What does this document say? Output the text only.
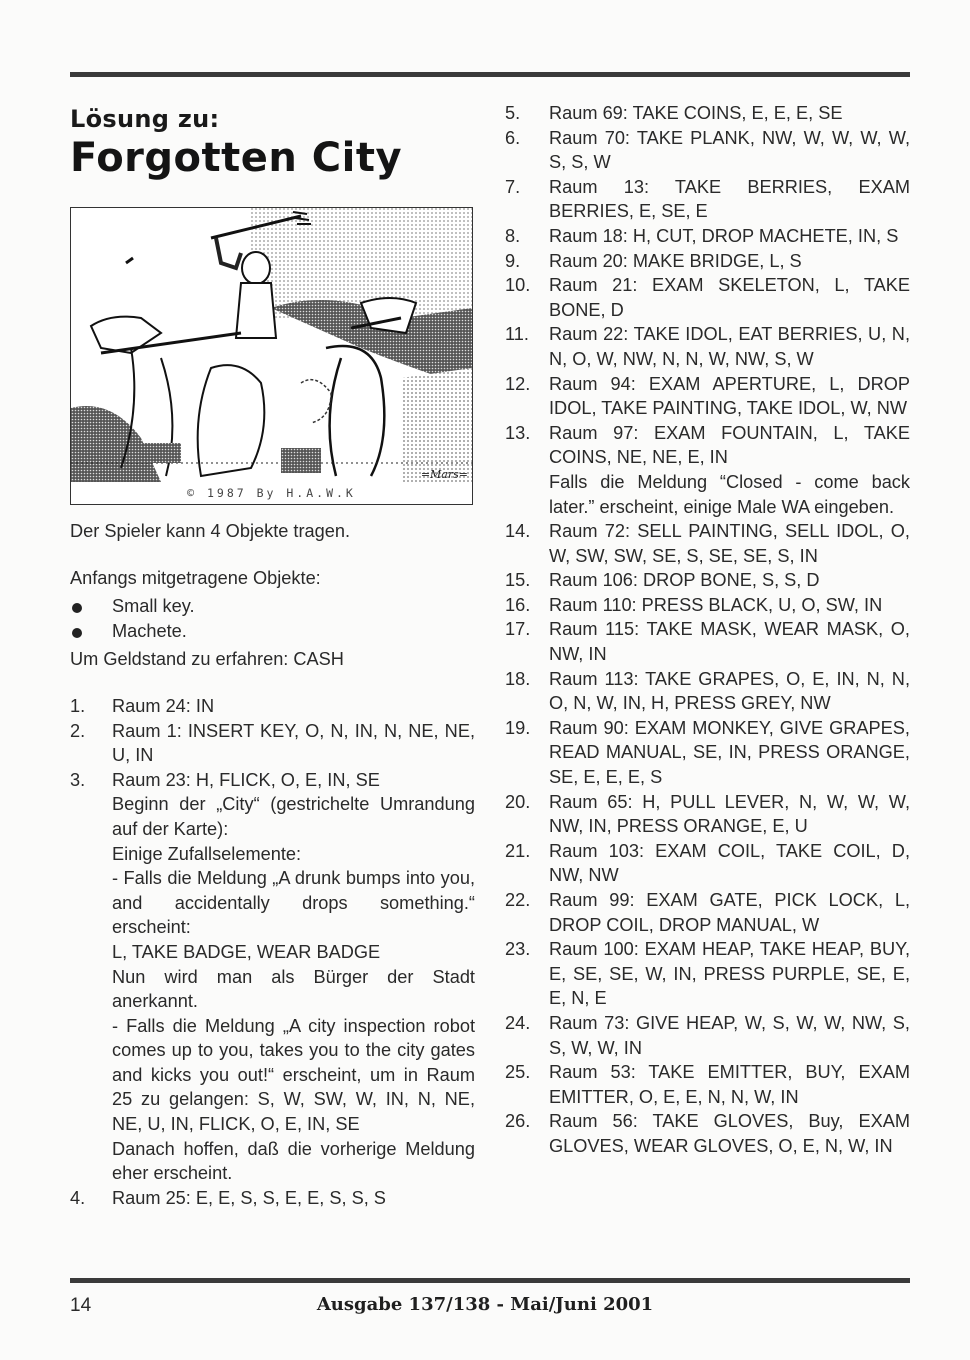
Lösung zu:
Forgotten City
=Mars=
© 1987 By H.A.W.K

Der Spieler kann 4 Objekte tragen.

Anfangs mitgetragene Objekte:

Small key.
Machete.

Um Geldstand zu erfahren: CASH

1. Raum 24: IN
2. Raum 1: INSERT KEY, O, N, IN, N, NE, NE, U, IN
3. Raum 23: H, FLICK, O, E, IN, SE
Beginn der „City“ (gestrichelte Umrandung auf der Karte):
Einige Zufallselemente:
- Falls die Meldung „A drunk bumps into you, and accidentally drops something.“ erscheint:
L, TAKE BADGE, WEAR BADGE
Nun wird man als Bürger der Stadt anerkannt.
- Falls die Meldung „A city inspection robot comes up to you, takes you to the city gates and kicks you out!“ erscheint, um in Raum 25 zu gelangen: S, W, SW, W, IN, N, NE, NE, U, IN, FLICK, O, E, IN, SE
Danach hoffen, daß die vorherige Meldung eher erscheint.
4. Raum 25: E, E, S, S, E, E, S, S, S
5. Raum 69: TAKE COINS, E, E, E, SE
6. Raum 70: TAKE PLANK, NW, W, W, W, W, S, S, W
7. Raum 13: TAKE BERRIES, EXAM BERRIES, E, SE, E
8. Raum 18: H, CUT, DROP MACHETE, IN, S
9. Raum 20: MAKE BRIDGE, L, S
10. Raum 21: EXAM SKELETON, L, TAKE BONE, D
11. Raum 22: TAKE IDOL, EAT BERRIES, U, N, N, O, W, NW, N, N, W, NW, S, W
12. Raum 94: EXAM APERTURE, L, DROP IDOL, TAKE PAINTING, TAKE IDOL, W, NW
13. Raum 97: EXAM FOUNTAIN, L, TAKE COINS, NE, NE, E, IN
Falls die Meldung “Closed - come back later.” erscheint, einige Male WA eingeben.
14. Raum 72: SELL PAINTING, SELL IDOL, O, W, SW, SW, SE, S, SE, SE, S, IN
15. Raum 106: DROP BONE, S, S, D
16. Raum 110: PRESS BLACK, U, O, SW, IN
17. Raum 115: TAKE MASK, WEAR MASK, O, NW, IN
18. Raum 113: TAKE GRAPES, O, E, IN, N, N, O, N, W, IN, H, PRESS GREY, NW
19. Raum 90: EXAM MONKEY, GIVE GRAPES, READ MANUAL, SE, IN, PRESS ORANGE, SE, E, E, E, S
20. Raum 65: H, PULL LEVER, N, W, W, W, NW, IN, PRESS ORANGE, E, U
21. Raum 103: EXAM COIL, TAKE COIL, D, NW, NW
22. Raum 99: EXAM GATE, PICK LOCK, L, DROP COIL, DROP MANUAL, W
23. Raum 100: EXAM HEAP, TAKE HEAP, BUY, E, SE, SE, W, IN, PRESS PURPLE, SE, E, E, N, E
24. Raum 73: GIVE HEAP, W, S, W, W, NW, S, S, W, W, IN
25. Raum 53: TAKE EMITTER, BUY, EXAM EMITTER, O, E, E, N, N, W, IN
26. Raum 56: TAKE GLOVES, Buy, EXAM GLOVES, WEAR GLOVES, O, E, N, W, IN
14	Ausgabe 137/138 - Mai/Juni 2001
